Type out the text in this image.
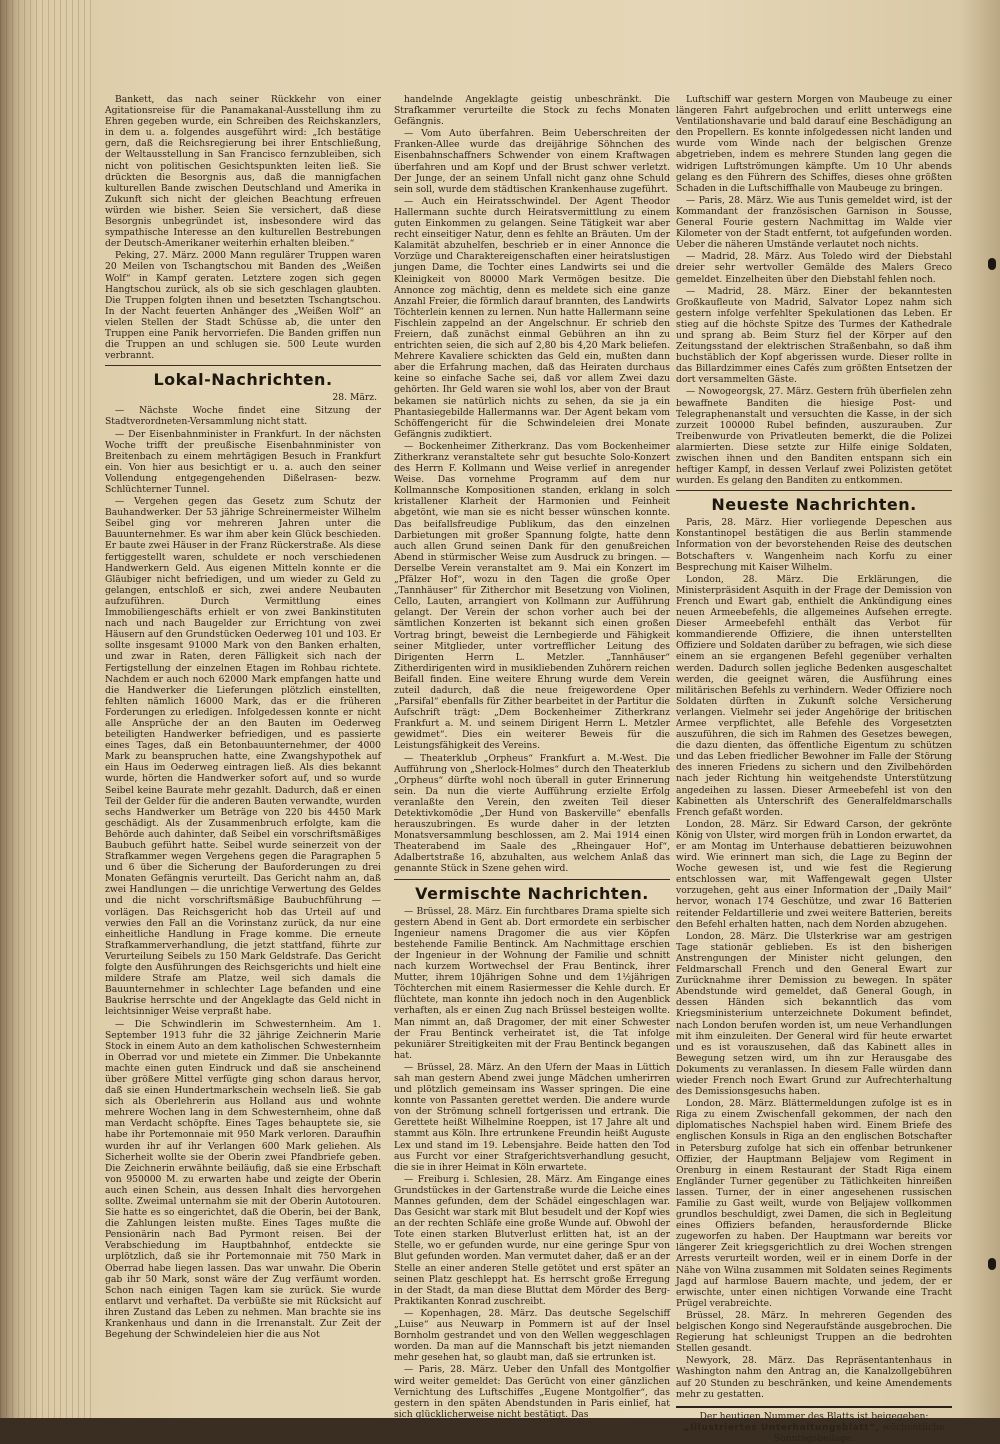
Bankett, das nach seiner Rückkehr von einer Agitationsreise für die Panamakanal-Ausstellung ihm zu Ehren gegeben wurde, ein Schreiben des Reichskanzlers, in dem u. a. folgendes ausgeführt wird: „Ich bestätige gern, daß die Reichsregierung bei ihrer Entschließung, der Weltausstellung in San Francisco fernzubleiben, sich nicht von politischen Gesichtspunkten leiten ließ. Sie drückten die Besorgnis aus, daß die mannigfachen kulturellen Bande zwischen Deutschland und Amerika in Zukunft sich nicht der gleichen Beachtung erfreuen würden wie bisher. Seien Sie versichert, daß diese Besorgnis unbegründet ist, insbesondere wird das sympathische Interesse an den kulturellen Bestrebungen der Deutsch-Amerikaner weiterhin erhalten bleiben.“

Peking, 27. März. 2000 Mann regulärer Truppen waren 20 Meilen von Tschangtschou mit Banden des „Weißen Wolf“ in Kampf geraten. Letztere zogen sich gegen Hangtschou zurück, als ob sie sich geschlagen glaubten. Die Truppen folgten ihnen und besetzten Tschangtschou. In der Nacht feuerten Anhänger des „Weißen Wolf“ an vielen Stellen der Stadt Schüsse ab, die unter den Truppen eine Panik hervorriefen. Die Banden griffen nun die Truppen an und schlugen sie. 500 Leute wurden verbrannt.

Lokal-Nachrichten.
28. März.

— Nächste Woche findet eine Sitzung der Stadtverordneten-Versammlung nicht statt.

— Der Eisenbahnminister in Frankfurt. In der nächsten Woche trifft der preußische Eisenbahnminister von Breitenbach zu einem mehrtägigen Besuch in Frankfurt ein. Von hier aus besichtigt er u. a. auch den seiner Vollendung entgegengehenden Dißelrasen- bezw. Schlüchterner Tunnel.

— Vergehen gegen das Gesetz zum Schutz der Bauhandwerker. Der 53 jährige Schreinermeister Wilhelm Seibel ging vor mehreren Jahren unter die Bauunternehmer. Es war ihm aber kein Glück beschieden. Er baute zwei Häuser in der Franz Rückerstraße. Als diese fertiggestellt waren, schuldete er noch verschiedenen Handwerkern Geld. Aus eigenen Mitteln konnte er die Gläubiger nicht befriedigen, und um wieder zu Geld zu gelangen, entschloß er sich, zwei andere Neubauten aufzuführen. Durch Vermittlung eines Immobiliengeschäfts erhielt er von zwei Bankinstituten nach und nach Baugelder zur Errichtung von zwei Häusern auf den Grundstücken Oederweg 101 und 103. Er sollte insgesamt 91000 Mark von den Banken erhalten, und zwar in Raten, deren Fälligkeit sich nach der Fertigstellung der einzelnen Etagen im Rohbau richtete. Nachdem er auch noch 62000 Mark empfangen hatte und die Handwerker die Lieferungen plötzlich einstellten, fehlten nämlich 16000 Mark, das er die früheren Forderungen zu erledigen. Infolgedessen konnte er nicht alle Ansprüche der an den Bauten im Oederweg beteiligten Handwerker befriedigen, und es passierte eines Tages, daß ein Betonbauunternehmer, der 4000 Mark zu beanspruchen hatte, eine Zwangshypothek auf ein Haus im Oederweg eintragen ließ. Als dies bekannt wurde, hörten die Handwerker sofort auf, und so wurde Seibel keine Baurate mehr gezahlt. Dadurch, daß er einen Teil der Gelder für die anderen Bauten verwandte, wurden sechs Handwerker um Beträge von 220 bis 4450 Mark geschädigt. Als der Zusammenbruch erfolgte, kam die Behörde auch dahinter, daß Seibel ein vorschriftsmäßiges Baubuch geführt hatte. Seibel wurde seinerzeit von der Strafkammer wegen Vergehens gegen die Paragraphen 5 und 6 über die Sicherung der Bauforderungen zu drei Monaten Gefängnis verurteilt. Das Gericht nahm an, daß zwei Handlungen — die unrichtige Verwertung des Geldes und die nicht vorschriftsmäßige Baubuchführung — vorlägen. Das Reichsgericht hob das Urteil auf und verwies den Fall an die Vorinstanz zurück, da nur eine einheitliche Handlung in Frage komme. Die erneute Strafkammerverhandlung, die jetzt stattfand, führte zur Verurteilung Seibels zu 150 Mark Geldstrafe. Das Gericht folgte den Ausführungen des Reichsgerichts und hielt eine mildere Strafe am Platze, weil sich damals die Bauunternehmer in schlechter Lage befanden und eine Baukrise herrschte und der Angeklagte das Geld nicht in leichtsinniger Weise verprаßt habe.

— Die Schwindlerin im Schwesternheim. Am 1. September 1913 fuhr die 32 jährige Zeichnerin Marie Stock in einem Auto an dem katholischen Schwesternheim in Oberrad vor und mietete ein Zimmer. Die Unbekannte machte einen guten Eindruck und daß sie anscheinend über größere Mittel verfügte ging schon daraus hervor, daß sie einen Hundertmarkschein wechseln ließ. Sie gab sich als Oberlehrerin aus Holland aus und wohnte mehrere Wochen lang in dem Schwesternheim, ohne daß man Verdacht schöpfte. Eines Tages behauptete sie, sie habe ihr Portemonnaie mit 950 Mark verloren. Daraufhin wurden ihr auf ihr Verlangen 600 Mark geliehen. Als Sicherheit wollte sie der Oberin zwei Pfandbriefe geben. Die Zeichnerin erwähnte beiläufig, daß sie eine Erbschaft von 950000 M. zu erwarten habe und zeigte der Oberin auch einen Schein, aus dessen Inhalt dies hervorgehen sollte. Zweimal unternahm sie mit der Oberin Autotouren. Sie hatte es so eingerichtet, daß die Oberin, bei der Bank, die Zahlungen leisten mußte. Eines Tages mußte die Pensionärin nach Bad Pyrmont reisen. Bei der Verabschiedung im Hauptbahnhof, entdeckte sie urplötzlich, daß sie ihr Portemonnaie mit 750 Mark in Oberrad habe liegen lassen. Das war unwahr. Die Oberin gab ihr 50 Mark, sonst wäre der Zug verfäumt worden. Schon nach einigen Tagen kam sie zurück. Sie wurde entlarvt und verhaftet. Da verbüßte sie mit Rücksicht auf ihren Zustand das Leben zu nehmen. Man brachte sie ins Krankenhaus und dann in die Irrenanstalt. Zur Zeit der Begehung der Schwindeleien hier die aus Not

handelnde Angeklagte geistig unbeschränkt. Die Strafkammer verurteilte die Stock zu fechs Monaten Gefängnis.

— Vom Auto überfahren. Beim Ueberschreiten der Franken-Allee wurde das dreijährige Söhnchen des Eisenbahnschaffners Schwender von einem Kraftwagen überfahren und am Kopf und der Brust schwer verletzt. Der Junge, der an seinem Unfall nicht ganz ohne Schuld sein soll, wurde dem städtischen Krankenhause zugeführt.

— Auch ein Heiratsschwindel. Der Agent Theodor Hallermann suchte durch Heiratsvermittlung zu einem guten Einkommen zu gelangen. Seine Tätigkeit war aber recht einseitiger Natur, denn es fehlte an Bräuten. Um der Kalamität abzuhelfen, beschrieb er in einer Annonce die Vorzüge und Charaktereigenschaften einer heiratslustigen jungen Dame, die Tochter eines Landwirts sei und die Kleinigkeit von 80000 Mark Vermögen besitze. Die Annonce zog mächtig, denn es meldete sich eine ganze Anzahl Freier, die förmlich darauf brannten, des Landwirts Töchterlein kennen zu lernen. Nun hatte Hallermann seine Fischlein zappelnd an der Angelschnur. Er schrieb den Freiern, daß zunächst einmal Gebühren an ihn zu entrichten seien, die sich auf 2,80 bis 4,20 Mark beliefen. Mehrere Kavaliere schickten das Geld ein, mußten dann aber die Erfahrung machen, daß das Heiraten durchaus keine so einfache Sache sei, daß vor allem Zwei dazu gehörten. Ihr Geld waren sie wohl los, aber von der Braut bekamen sie natürlich nichts zu sehen, da sie ja ein Phantasiegebilde Hallermanns war. Der Agent bekam vom Schöffengericht für die Schwindeleien drei Monate Gefängnis zudiktiert.

— Bockenheimer Zitherkranz. Das vom Bockenheimer Zitherkranz veranstaltete sehr gut besuchte Solo-Konzert des Herrn F. Kollmann und Weise verlief in anregender Weise. Das vornehme Programm auf dem nur Kollmannsche Kompositionen standen, erklang in solch kristallener Klarheit der Harmonien und Feinheit abgetönt, wie man sie es nicht besser wünschen konnte. Das beifallsfreudige Publikum, das den einzelnen Darbietungen mit großer Spannung folgte, hatte denn auch allen Grund seinen Dank für den genußreichen Abend in stürmischer Weise zum Ausdruck zu bringen. — Derselbe Verein veranstaltet am 9. Mai ein Konzert im „Pfälzer Hof“, wozu in den Tagen die große Oper „Tannhäuser“ für Zitherchor mit Besetzung von Violinen, Cello, Lauten, arrangiert von Kollmann zur Aufführung gelangt. Der Verein der schon vorher auch bei der sämtlichen Konzerten ist bekannt sich einen großen Vortrag bringt, beweist die Lernbegierde und Fähigkeit seiner Mitglieder, unter vortrefflicher Leitung des Dirigenten Herrn L. Metzler. „Tannhäuser“ Zitherdirigenten wird in musikliebenden Zuhörern reichen Beifall finden. Eine weitere Ehrung wurde dem Verein zuteil dadurch, daß die neue freigewordene Oper „Parsifal“ ebenfalls für Zither bearbeitet in der Partitur die Aufschrift trägt: „Dem Bockenheimer Zitherkranz Frankfurt a. M. und seinem Dirigent Herrn L. Metzler gewidmet“. Dies ein weiterer Beweis für die Leistungsfähigkeit des Vereins.

— Theaterklub „Orpheus“ Frankfurt a. M.-West. Die Aufführung von „Sherlock-Holmes“ durch den Theaterklub „Orpheus“ dürfte wohl noch überall in guter Erinnerung sein. Da nun die vierte Aufführung erzielte Erfolg veranlaßte den Verein, den zweiten Teil dieser Detektivkomödie „Der Hund von Baskerville“ ebenfalls herauszubringen. Es wurde daher in der letzten Monatsversammlung beschlossen, am 2. Mai 1914 einen Theaterabend im Saale des „Rheingauer Hof“, Adalbertstraße 16, abzuhalten, aus welchem Anlaß das genannte Stück in Szene gehen wird.

Vermischte Nachrichten.

— Brüssel, 28. März. Ein furchtbares Drama spielte sich gestern Abend in Gent ab. Dort ermordete ein serbischer Ingenieur namens Dragomer die aus vier Köpfen bestehende Familie Bentinck. Am Nachmittage erschien der Ingenieur in der Wohnung der Familie und schnitt nach kurzem Wortwechsel der Frau Bentinck, ihrer Mutter, ihrem 10jährigen Sohne und dem 1½jährigen Töchterchen mit einem Rasiermesser die Kehle durch. Er flüchtete, man konnte ihn jedoch noch in den Augenblick verhaften, als er einen Zug nach Brüssel besteigen wollte. Man nimmt an, daß Dragomer, der mit einer Schwester der Frau Bentinck verheiratet ist, die Tat infolge pekuniärer Streitigkeiten mit der Frau Bentinck begangen hat.

— Brüssel, 28. März. An den Ufern der Maas in Lüttich sah man gestern Abend zwei junge Mädchen umherirren und plötzlich gemeinsam ins Wasser springen. Die eine konnte von Passanten gerettet werden. Die andere wurde von der Strömung schnell fortgerissen und ertrank. Die Gerettete heißt Wilhelmine Roeppen, ist 17 Jahre alt und stammt aus Köln. Ihre ertrunkene Freundin heißt Auguste Lex und stand im 19. Lebensjahre. Beide hatten den Tod aus Furcht vor einer Strafgerichtsverhandlung gesucht, die sie in ihrer Heimat in Köln erwartete.

— Freiburg i. Schlesien, 28. März. Am Eingange eines Grundstückes in der Gartenstraße wurde die Leiche eines Mannes gefunden, dem der Schädel eingeschlagen war. Das Gesicht war stark mit Blut besudelt und der Kopf wies an der rechten Schläfe eine große Wunde auf. Obwohl der Tote einen starken Blutverlust erlitten hat, ist an der Stelle, wo er gefunden wurde, nur eine geringe Spur von Blut gefunden worden. Man vermutet daher, daß er an der Stelle an einer anderen Stelle getötet und erst später an seinen Platz geschleppt hat. Es herrscht große Erregung in der Stadt, da man diese Bluttat dem Mörder des Berg-Praktikanten Konrad zuschreibt.

— Kopenhagen, 28. März. Das deutsche Segelschiff „Luise“ aus Neuwarp in Pommern ist auf der Insel Bornholm gestrandet und von den Wellen weggeschlagen worden. Da man auf die Mannschaft bis jetzt niemanden mehr gesehen hat, so glaubt man, daß sie ertrunken ist.

— Paris, 28. März. Ueber den Unfall des Montgolfier wird weiter gemeldet: Das Gerücht von einer gänzlichen Vernichtung des Luftschiffes „Eugene Montgolfier“, das gestern in den späten Abendstunden in Paris einlief, hat sich glücklicherweise nicht bestätigt. Das

Luftschiff war gestern Morgen von Maubeuge zu einer längeren Fahrt aufgebrochen und erlitt unterwegs eine Ventilationshavarie und bald darauf eine Beschädigung an den Propellern. Es konnte infolgedessen nicht landen und wurde vom Winde nach der belgischen Grenze abgetrieben, indem es mehrere Stunden lang gegen die widrigen Luftströmungen kämpfte. Um 10 Uhr abends gelang es den Führern des Schiffes, dieses ohne größten Schaden in die Luftschiffhalle von Maubeuge zu bringen.

— Paris, 28. März. Wie aus Tunis gemeldet wird, ist der Kommandant der französischen Garnison in Sousse, General Fourie gestern Nachmittag im Walde vier Kilometer von der Stadt entfernt, tot aufgefunden worden. Ueber die näheren Umstände verlautet noch nichts.

— Madrid, 28. März. Aus Toledo wird der Diebstahl dreier sehr wertvoller Gemälde des Malers Greco gemeldet. Einzelheiten über den Diebstahl fehlen noch.

— Madrid, 28. März. Einer der bekanntesten Großkaufleute von Madrid, Salvator Lopez nahm sich gestern infolge verfehlter Spekulationen das Leben. Er stieg auf die höchste Spitze des Turmes der Kathedrale und sprang ab. Beim Sturz fiel der Körper auf den Zeitungsstand der elektrischen Straßenbahn, so daß ihm buchstäblich der Kopf abgerissen wurde. Dieser rollte in das Billardzimmer eines Cafés zum größten Entsetzen der dort versammelten Gäste.

— Nowogeorgsk, 27. März. Gestern früh überfielen zehn bewaffnete Banditen die hiesige Post- und Telegraphenanstalt und versuchten die Kasse, in der sich zurzeit 100000 Rubel befinden, auszurauben. Zur Treibenwurde von Privatleuten bemerkt, die die Polizei alarmierten. Diese setzte zur Hilfe einige Soldaten, zwischen ihnen und den Banditen entspann sich ein heftiger Kampf, in dessen Verlauf zwei Polizisten getötet wurden. Es gelang den Banditen zu entkommen.

Neueste Nachrichten.

Paris, 28. März. Hier vorliegende Depeschen aus Konstantinopel bestätigen die aus Berlin stammende Information von der bevorstehenden Reise des deutschen Botschafters v. Wangenheim nach Korfu zu einer Besprechung mit Kaiser Wilhelm.

London, 28. März. Die Erklärungen, die Ministerpräsident Asquith in der Frage der Demission von French und Ewart gab, enthielt die Ankündigung eines neuen Armeebefehls, die allgemeines Aufsehen erregte. Dieser Armeebefehl enthält das Verbot für kommandierende Offiziere, die ihnen unterstellten Offiziere und Soldaten darüber zu befragen, wie sich diese einem an sie ergangenen Befehl gegenüber verhalten werden. Dadurch sollen jegliche Bedenken ausgeschaltet werden, die geeignet wären, die Ausführung eines militärischen Befehls zu verhindern. Weder Offiziere noch Soldaten dürften in Zukunft solche Versicherung verlangen. Vielmehr sei jeder Angehörige der britischen Armee verpflichtet, alle Befehle des Vorgesetzten auszuführen, die sich im Rahmen des Gesetzes bewegen, die dazu dienten, das öffentliche Eigentum zu schützen und das Leben friedlicher Bewohner im Falle der Störung des inneren Friedens zu sichern und den Zivilbehörden nach jeder Richtung hin weitgehendste Unterstützung angedeihen zu lassen. Dieser Armeebefehl ist von den Kabinetten als Unterschrift des Generalfeldmarschalls French gefaßt worden.

London, 28. März. Sir Edward Carson, der gekrönte König von Ulster, wird morgen früh in London erwartet, da er am Montag im Unterhause debattieren beizuwohnen wird. Wie erinnert man sich, die Lage zu Beginn der Woche gewesen ist, und wie fest die Regierung entschlossen war, mit Waffengewalt gegen Ulster vorzugehen, geht aus einer Information der „Daily Mail“ hervor, wonach 174 Geschütze, und zwar 16 Batterien reitender Feldartillerie und zwei weitere Batterien, bereits den Befehl erhalten hatten, nach dem Norden abzugehen.

London, 28. März. Die Ulsterkrise war am gestrigen Tage stationär geblieben. Es ist den bisherigen Anstrengungen der Minister nicht gelungen, den Feldmarschall French und den General Ewart zur Zurücknahme ihrer Demission zu bewegen. In später Abendstunde wird gemeldet, daß General Gough, in dessen Händen sich bekanntlich das vom Kriegsministerium unterzeichnete Dokument befindet, nach London berufen worden ist, um neue Verhandlungen mit ihm einzuleiten. Der General wird für heute erwartet und es ist vorauszusehen, daß das Kabinett alles in Bewegung setzen wird, um ihn zur Herausgabe des Dokuments zu veranlassen. In diesem Falle würden dann wieder French noch Ewart Grund zur Aufrechterhaltung des Demissionsgesuchs haben.

London, 28. März. Blättermeldungen zufolge ist es in Riga zu einem Zwischenfall gekommen, der nach den diplomatisches Nachspiel haben wird. Einem Briefe des englischen Konsuls in Riga an den englischen Botschafter in Petersburg zufolge hat sich ein offenbar betrunkener Offizier, der Hauptmann Beljajew vom Regiment in Orenburg in einem Restaurant der Stadt Riga einem Engländer Turner gegenüber zu Tätlichkeiten hinreißen lassen. Turner, der in einer angesehenen russischen Familie zu Gast weilt, wurde von Beljajew vollkommen grundlos beschuldigt, zwei Damen, die sich in Begleitung eines Offiziers befanden, herausfordernde Blicke zugeworfen zu haben. Der Hauptmann war bereits vor längerer Zeit kriegsgerichtlich zu drei Wochen strengen Arrests verurteilt worden, weil er in einem Dorfe in der Nähe von Wilna zusammen mit Soldaten seines Regiments Jagd auf harmlose Bauern machte, und jedem, der er erwischte, unter einen nichtigen Vorwande eine Tracht Prügel verabreichte.

Brüssel, 28. März. In mehreren Gegenden des belgischen Kongo sind Negeraufstände ausgebrochen. Die Regierung hat schleunigst Truppen an die bedrohten Stellen gesandt.

Newyork, 28. März. Das Repräsentantenhaus in Washington nahm den Antrag an, die Kanalzollgebühren auf 20 Stunden zu beschränken, und keine Amendements mehr zu gestatten.

Der heutigen Nummer des Blatts ist beigegeben:
„Illustriertes Unterhaltungsblatt“, wöchentliche Sonntagsbeilage.
